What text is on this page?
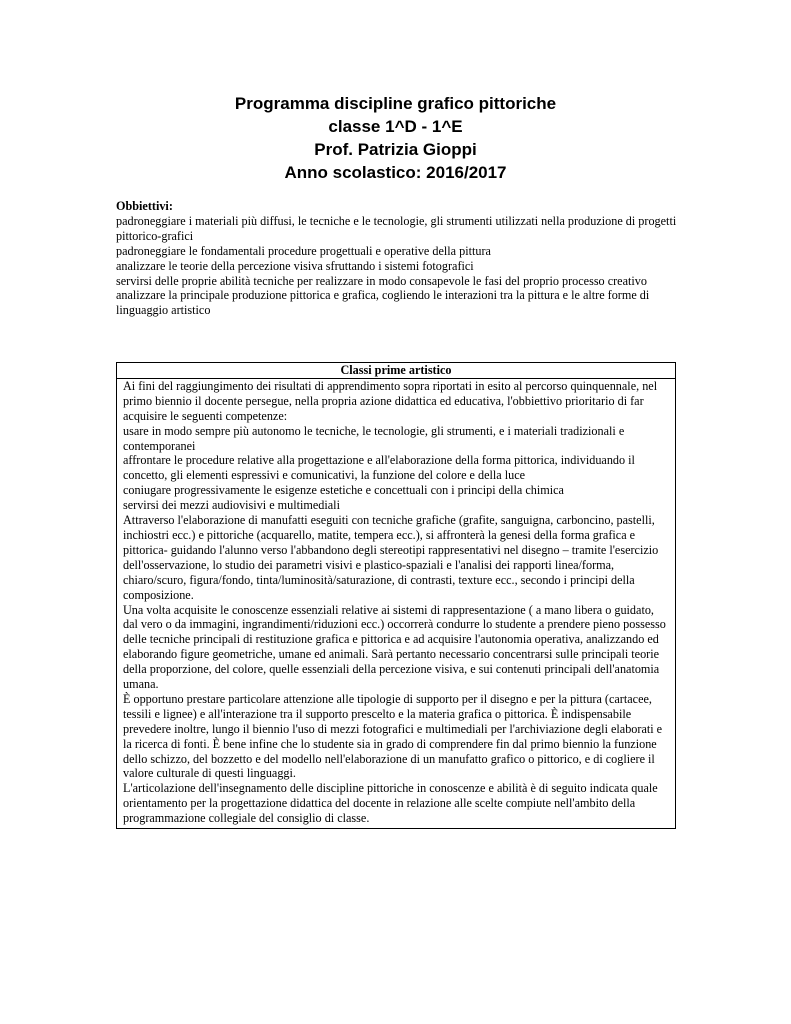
Programma discipline grafico pittoriche
classe 1^D - 1^E
Prof. Patrizia Gioppi
Anno scolastico: 2016/2017
Obbiettivi:

padroneggiare i materiali più diffusi, le tecniche e le tecnologie, gli strumenti utilizzati nella produzione di progetti pittorico-grafici

padroneggiare le fondamentali procedure progettuali e operative della pittura

analizzare le teorie della percezione visiva sfruttando i sistemi fotografici

servirsi delle proprie abilità tecniche per realizzare in modo consapevole le fasi del proprio processo creativo

analizzare la principale produzione pittorica e grafica, cogliendo le interazioni tra la pittura e le altre forme di linguaggio artistico

Classi prime artistico

Ai fini del raggiungimento dei risultati di apprendimento sopra riportati in esito al percorso quinquennale, nel primo biennio il docente persegue, nella propria azione didattica ed educativa, l'obbiettivo prioritario di far acquisire le seguenti competenze:

usare in modo sempre più autonomo le tecniche, le tecnologie, gli strumenti, e i materiali tradizionali e contemporanei

affrontare le procedure relative alla progettazione e all'elaborazione della forma pittorica, individuando il concetto, gli elementi espressivi e comunicativi, la funzione del colore e della luce

coniugare progressivamente le esigenze estetiche e concettuali con i principi della chimica

servirsi dei mezzi audiovisivi e multimediali

Attraverso l'elaborazione di manufatti eseguiti con tecniche grafiche (grafite, sanguigna, carboncino, pastelli, inchiostri ecc.) e pittoriche (acquarello, matite, tempera ecc.), si affronterà la genesi della forma grafica e pittorica- guidando l'alunno verso l'abbandono degli stereotipi rappresentativi nel disegno – tramite l'esercizio dell'osservazione, lo studio dei parametri visivi e plastico-spaziali e l'analisi dei rapporti linea/forma, chiaro/scuro, figura/fondo, tinta/luminosità/saturazione, di contrasti, texture ecc., secondo i principi della composizione.

Una volta acquisite le conoscenze essenziali relative ai sistemi di rappresentazione ( a mano libera o guidato, dal vero o da immagini, ingrandimenti/riduzioni ecc.) occorrerà condurre lo studente a prendere pieno possesso delle tecniche principali di restituzione grafica e pittorica e ad acquisire l'autonomia operativa, analizzando ed elaborando figure geometriche, umane ed animali. Sarà pertanto necessario concentrarsi sulle principali teorie della proporzione, del colore, quelle essenziali della percezione visiva, e sui contenuti principali dell'anatomia umana.

È opportuno prestare particolare attenzione alle tipologie di supporto per il disegno e per la pittura (cartacee, tessili e lignee) e all'interazione tra il supporto prescelto e la materia grafica o pittorica. È indispensabile prevedere inoltre, lungo il biennio l'uso di mezzi fotografici e multimediali per l'archiviazione degli elaborati e la ricerca di fonti. È bene infine che lo studente sia in grado di comprendere fin dal primo biennio la funzione dello schizzo, del bozzetto e del modello nell'elaborazione di un manufatto grafico o pittorico, e di cogliere il valore culturale di questi linguaggi.

L'articolazione dell'insegnamento delle discipline pittoriche in conoscenze e abilità è di seguito indicata quale orientamento per la progettazione didattica del docente in relazione alle scelte compiute nell'ambito della programmazione collegiale del consiglio di classe.
